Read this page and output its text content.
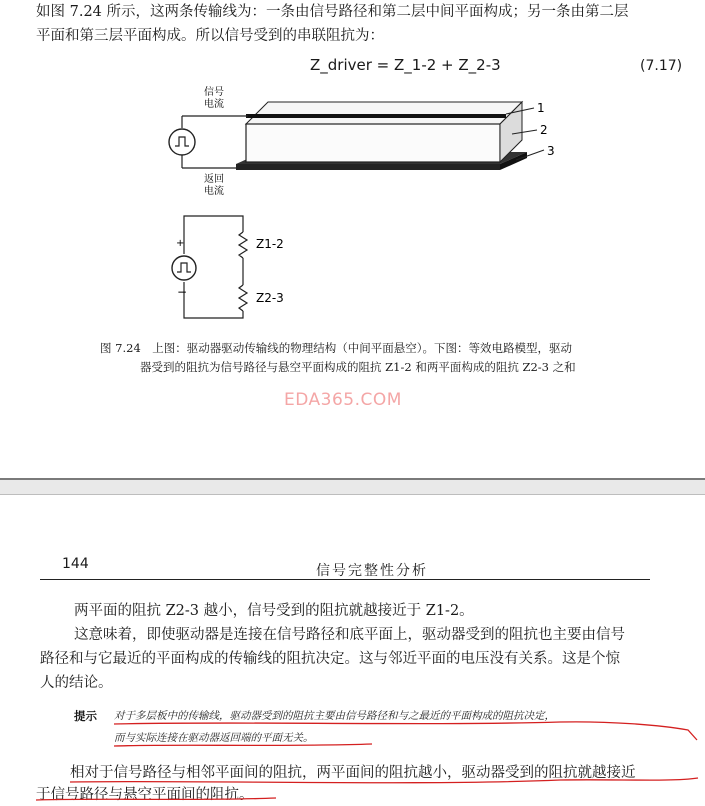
如图 7.24 所示，这两条传输线为：一条由信号路径和第二层中间平面构成；另一条由第二层
平面和第三层平面构成。所以信号受到的串联阻抗为：
Z_driver = Z_1-2 + Z_2-3	(7.17)
1
2
3
信号
电流
返回
电流
+
−
Z1-2
Z2-3
图 7.24　上图：驱动器驱动传输线的物理结构（中间平面悬空）。下图：等效电路模型，驱动
器受到的阻抗为信号路径与悬空平面构成的阻抗 Z1-2 和两平面构成的阻抗 Z2-3 之和
EDA365.COM
144	信号完整性分析
两平面的阻抗 Z2-3 越小，信号受到的阻抗就越接近于 Z1-2。
这意味着，即使驱动器是连接在信号路径和底平面上，驱动器受到的阻抗也主要由信号
路径和与它最近的平面构成的传输线的阻抗决定。这与邻近平面的电压没有关系。这是个惊
人的结论。
提示 对于多层板中的传输线，驱动器受到的阻抗主要由信号路径和与之最近的平面构成的阻抗决定，
而与实际连接在驱动器返回端的平面无关。
相对于信号路径与相邻平面间的阻抗，两平面间的阻抗越小，驱动器受到的阻抗就越接近
于信号路径与悬空平面间的阻抗。
